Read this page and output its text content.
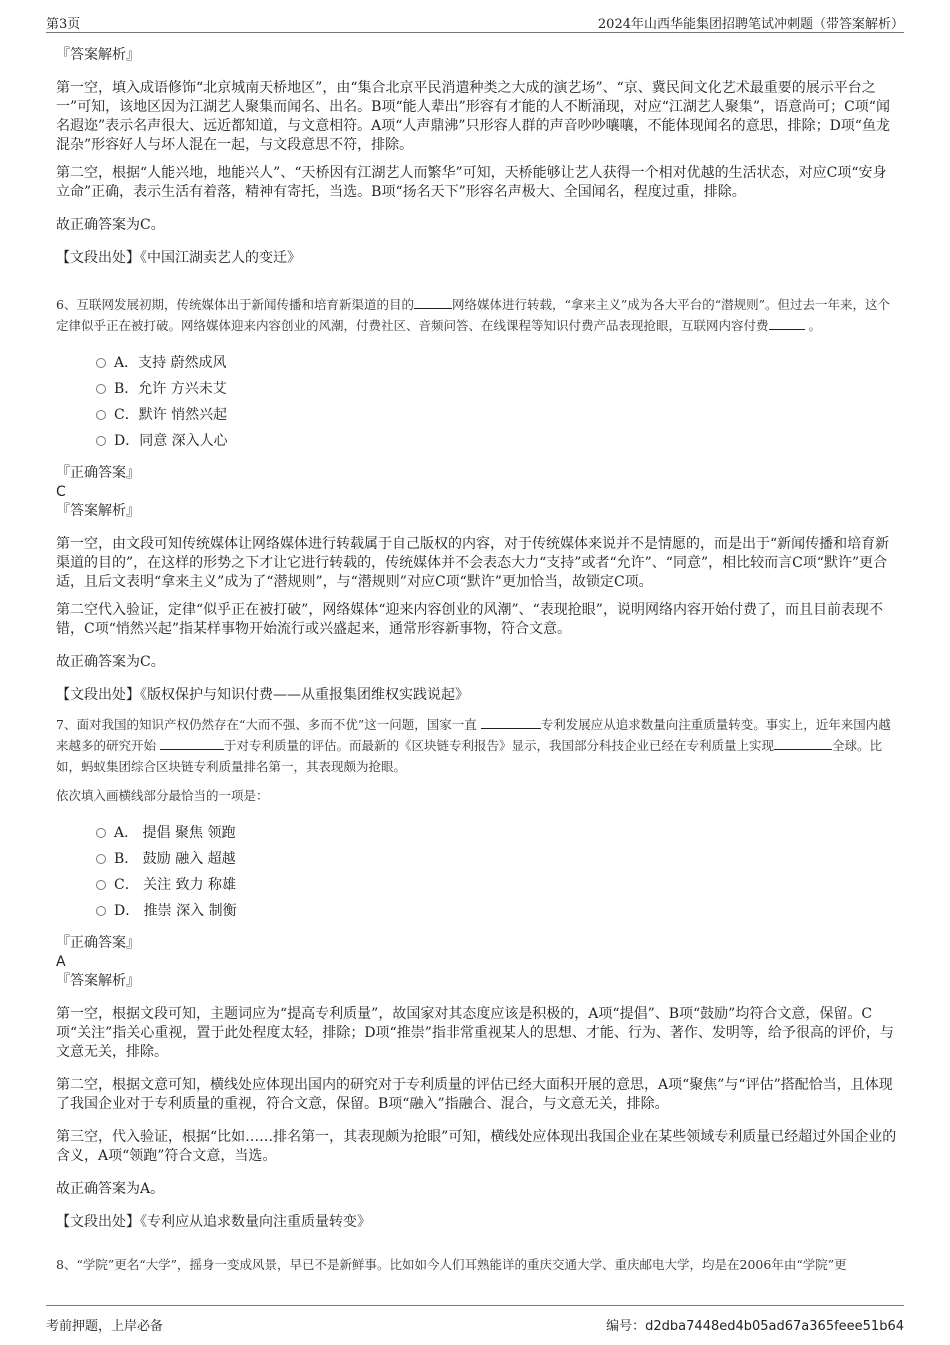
第3页	2024年山西华能集团招聘笔试冲刺题（带答案解析）

『答案解析』

第一空，填入成语修饰“北京城南天桥地区”，由“集合北京平民消遣种类之大成的演艺场”、“京、冀民间文化艺术最重要的展示平台之一”可知，该地区因为江湖艺人聚集而闻名、出名。B项“能人辈出”形容有才能的人不断涌现，对应“江湖艺人聚集”，语意尚可；C项“闻名遐迩”表示名声很大、远近都知道，与文意相符。A项“人声鼎沸”只形容人群的声音吵吵嚷嚷，不能体现闻名的意思，排除；D项“鱼龙混杂”形容好人与坏人混在一起，与文段意思不符，排除。

第二空，根据“人能兴地，地能兴人”、“天桥因有江湖艺人而繁华”可知，天桥能够让艺人获得一个相对优越的生活状态，对应C项“安身立命”正确，表示生活有着落，精神有寄托，当选。B项“扬名天下”形容名声极大、全国闻名，程度过重，排除。

故正确答案为C。

【文段出处】《中国江湖卖艺人的变迁》

6、互联网发展初期，传统媒体出于新闻传播和培育新渠道的目的	网络媒体进行转载，“拿来主义”成为各大平台的“潜规则”。但过去一年来，这个定律似乎正在被打破。网络媒体迎来内容创业的风潮，付费社区、音频问答、在线课程等知识付费产品表现抢眼，互联网内容付费	。

A．支持 蔚然成风
B．允许 方兴未艾
C．默许 悄然兴起
D．同意 深入人心

『正确答案』

C

『答案解析』

第一空，由文段可知传统媒体让网络媒体进行转载属于自己版权的内容，对于传统媒体来说并不是情愿的，而是出于“新闻传播和培育新渠道的目的”，在这样的形势之下才让它进行转载的，传统媒体并不会表态大力“支持”或者“允许”、“同意”，相比较而言C项“默许”更合适，且后文表明“拿来主义”成为了“潜规则”，与“潜规则”对应C项“默许”更加恰当，故锁定C项。

第二空代入验证，定律“似乎正在被打破”，网络媒体“迎来内容创业的风潮”、“表现抢眼”，说明网络内容开始付费了，而且目前表现不错，C项“悄然兴起”指某样事物开始流行或兴盛起来，通常形容新事物，符合文意。

故正确答案为C。

【文段出处】《版权保护与知识付费——从重报集团维权实践说起》

7、面对我国的知识产权仍然存在“大而不强、多而不优”这一问题，国家一直	专利发展应从追求数量向注重质量转变。事实上，近年来国内越来越多的研究开始	于对专利质量的评估。而最新的《区块链专利报告》显示，我国部分科技企业已经在专利质量上实现	全球。比如，蚂蚁集团综合区块链专利质量排名第一，其表现颇为抢眼。

依次填入画横线部分最恰当的一项是：

A． 提倡 聚焦 领跑
B． 鼓励 融入 超越
C． 关注 致力 称雄
D． 推崇 深入 制衡

『正确答案』

A

『答案解析』

第一空，根据文段可知，主题词应为“提高专利质量”，故国家对其态度应该是积极的，A项“提倡”、B项“鼓励”均符合文意，保留。C项“关注”指关心重视，置于此处程度太轻，排除；D项“推崇”指非常重视某人的思想、才能、行为、著作、发明等，给予很高的评价，与文意无关，排除。

第二空，根据文意可知，横线处应体现出国内的研究对于专利质量的评估已经大面积开展的意思，A项“聚焦”与“评估”搭配恰当，且体现了我国企业对于专利质量的重视，符合文意，保留。B项“融入”指融合、混合，与文意无关，排除。

第三空，代入验证，根据“比如……排名第一，其表现颇为抢眼”可知，横线处应体现出我国企业在某些领域专利质量已经超过外国企业的含义，A项“领跑”符合文意，当选。

故正确答案为A。

【文段出处】《专利应从追求数量向注重质量转变》

8、“学院”更名“大学”，摇身一变成风景，早已不是新鲜事。比如如今人们耳熟能详的重庆交通大学、重庆邮电大学，均是在2006年由“学院”更

考前押题，上岸必备	编号：d2dba7448ed4b05ad67a365feee51b64
